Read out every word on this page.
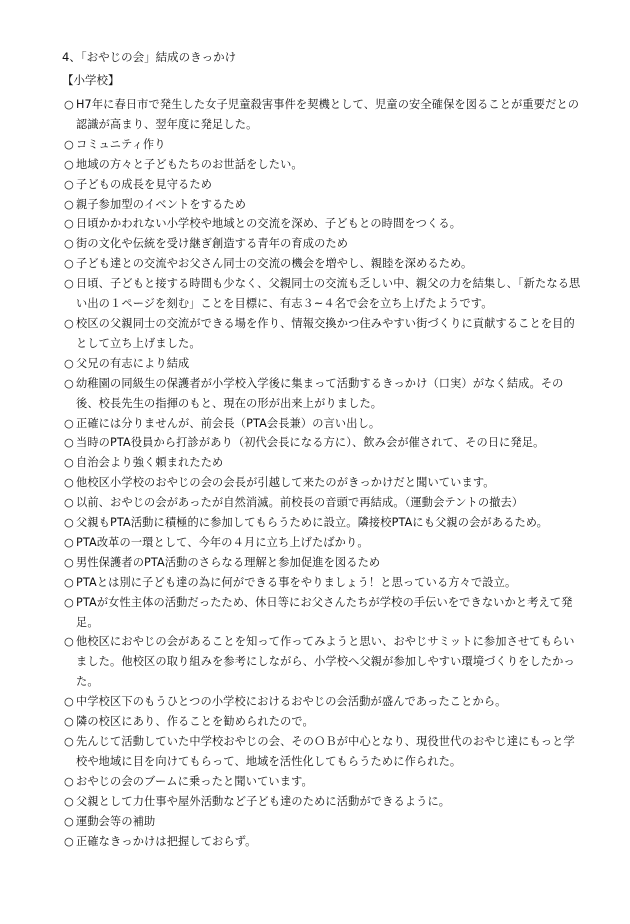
4、「おやじの会」結成のきっかけ
【小学校】
○ H7年に春日市で発生した女子児童殺害事件を契機として、児童の安全確保を図ることが重要だとの認識が高まり、翌年度に発足した。
○ コミュニティ作り
○ 地域の方々と子どもたちのお世話をしたい。
○ 子どもの成長を見守るため
○ 親子参加型のイベントをするため
○ 日頃かかわれない小学校や地域との交流を深め、子どもとの時間をつくる。
○ 街の文化や伝統を受け継ぎ創造する青年の育成のため
○ 子ども達との交流やお父さん同士の交流の機会を増やし、親睦を深めるため。
○ 日頃、子どもと接する時間も少なく、父親同士の交流も乏しい中、親父の力を結集し、「新たなる思い出の１ページを刻む」ことを目標に、有志３~４名で会を立ち上げたようです。
○ 校区の父親同士の交流ができる場を作り、情報交換かつ住みやすい街づくりに貢献することを目的として立ち上げました。
○ 父兄の有志により結成
○ 幼稚園の同級生の保護者が小学校入学後に集まって活動するきっかけ（口実）がなく結成。その後、校長先生の指揮のもと、現在の形が出来上がりました。
○ 正確には分りませんが、前会長（PTA会長兼）の言い出し。
○ 当時のPTA役員から打診があり（初代会長になる方に）、飲み会が催されて、その日に発足。
○ 自治会より強く頼まれたため
○ 他校区小学校のおやじの会の会長が引越して来たのがきっかけだと聞いています。
○ 以前、おやじの会があったが自然消滅。前校長の音頭で再結成。（運動会テントの撤去）
○ 父親もPTA活動に積極的に参加してもらうために設立。隣接校PTAにも父親の会があるため。
○ PTA改革の一環として、今年の４月に立ち上げたばかり。
○ 男性保護者のPTA活動のさらなる理解と参加促進を図るため
○ PTAとは別に子ども達の為に何ができる事をやりましょう！と思っている方々で設立。
○ PTAが女性主体の活動だったため、休日等にお父さんたちが学校の手伝いをできないかと考えて発足。
○ 他校区におやじの会があることを知って作ってみようと思い、おやじサミットに参加させてもらいました。他校区の取り組みを参考にしながら、小学校へ父親が参加しやすい環境づくりをしたかった。
○ 中学校区下のもうひとつの小学校におけるおやじの会活動が盛んであったことから。
○ 隣の校区にあり、作ることを勧められたので。
○ 先んじて活動していた中学校おやじの会、そのＯＢが中心となり、現役世代のおやじ達にもっと学校や地域に目を向けてもらって、地域を活性化してもらうために作られた。
○ おやじの会のブームに乗ったと聞いています。
○ 父親として力仕事や屋外活動など子ども達のために活動ができるように。
○ 運動会等の補助
○ 正確なきっかけは把握しておらず。
